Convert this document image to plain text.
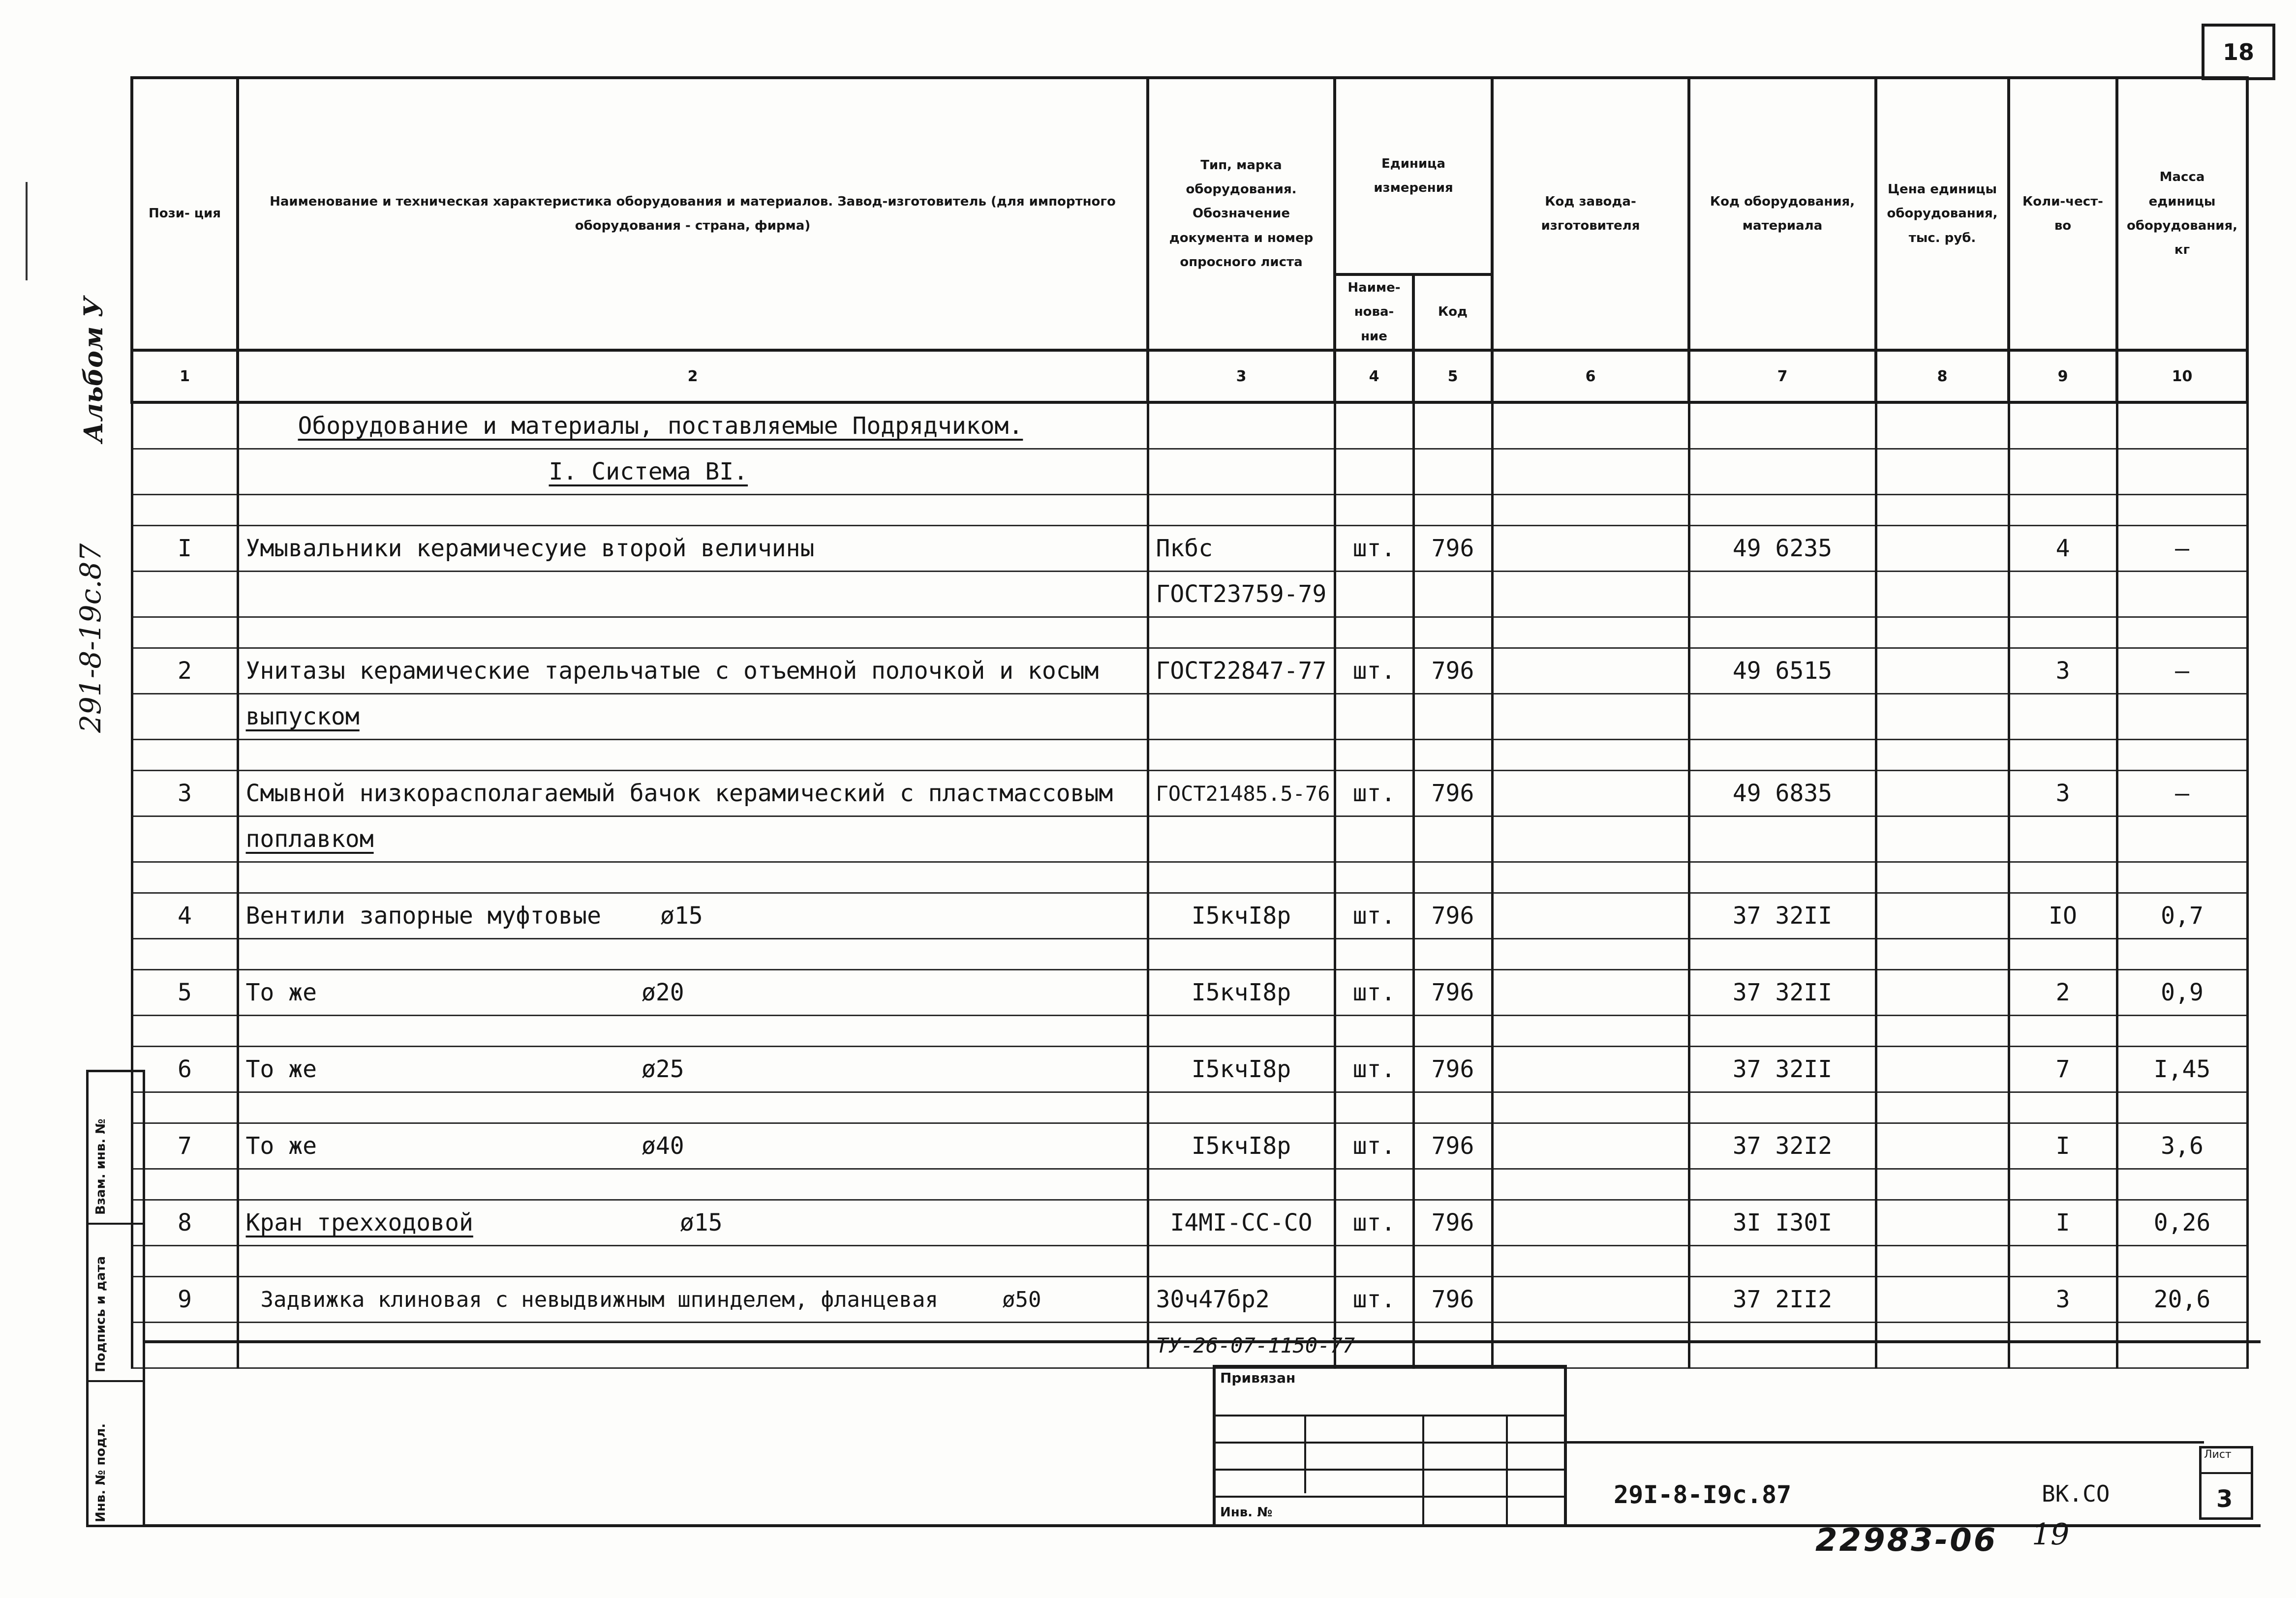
18
Альбом У
291-8-19с.87
Пози- ция	Наименование и техническая характеристика оборудования и материалов. Завод-изготовитель (для импортного оборудования - страна, фирма)	Тип, марка оборудования. Обозначение документа и номер опросного листа	Единица измерения		Код завода-изготовителя	Код оборудования, материала	Цена единицы оборудования, тыс. руб.	Коли-чест-во	Масса единицы оборудования, кг
			Наиме-нова-ние	Код					
1	2	3	4	5	6	7	8	9	10
	Оборудование и материалы, поставляемые Подрядчиком.								
	I. Система BI.								

I	Умывальники керамичесуие второй величины	Пкбс	шт.	796		49 6235		4	–
		ГОСТ23759-79							

2	Унитазы керамические тарельчатые с отъемной полочкой и косым	ГОСТ22847-77	шт.	796		49 6515		3	–
	выпуском								

3	Смывной низкорасполагаемый бачок керамический с пластмассовым	ГОСТ21485.5-76	шт.	796		49 6835		3	–
	поплавком								

4	Вентили запорные муфтовые ø15	I5кчI8р	шт.	796		37 32II		IO	0,7

5	То же ø20	I5кчI8р	шт.	796		37 32II		2	0,9

6	То же ø25	I5кчI8р	шт.	796		37 32II		7	I,45

7	То же ø40	I5кчI8р	шт.	796		37 32I2		I	3,6

8	Кран трехходовой ø15	I4МI-СС-СО	шт.	796		3I I30I		I	0,26

9	Задвижка клиновая с невыдвижным шпинделем, фланцевая ø50	30ч47бр2	шт.	796		37 2II2		3	20,6
		ТУ-26-07-1150-77							
Взам. инв. №
Подпись и дата
Инв. № подл.
Привязан
Инв. №
29I-8-I9с.87	ВК.СО
Лист
3
22983-06 19
